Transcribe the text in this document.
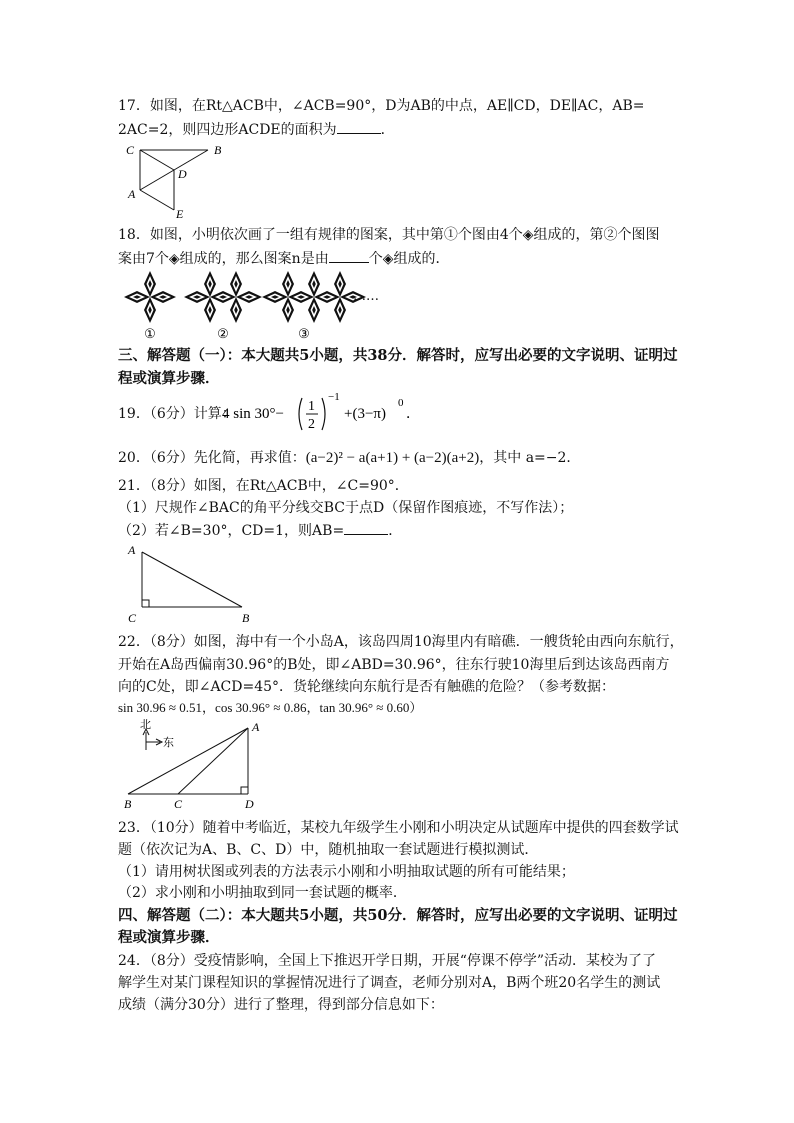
17．如图，在Rt△ACB中，∠ACB=90°，D为AB的中点，AE∥CD，DE∥AC，AB=
2AC=2，则四边形ACDE的面积为	．
C	B
D
A
E
18．如图，小明依次画了一组有规律的图案，其中第①个图由4个◈组成的，第②个图图
案由7个◈组成的，那么图案n是由	个◈组成的．
①	②	③
……
三、解答题（一）：本大题共5小题，共38分．解答时，应写出必要的文字说明、证明过
程或演算步骤．
19．（6分）计算：
4 sin 30°− 1
2
−1
+(3−π)
0
．
20．（6分）先化简，再求值：(a−2)² − a(a+1) + (a−2)(a+2)，其中 a=−2．
21．（8分）如图，在Rt△ACB中，∠C=90°．
（1）尺规作∠BAC的角平分线交BC于点D（保留作图痕迹，不写作法）；
（2）若∠B=30°，CD=1，则AB=	．
A
C	B
22．（8分）如图，海中有一个小岛A，该岛四周10海里内有暗礁．一艘货轮由西向东航行，
开始在A岛西偏南30.96°的B处，即∠ABD=30.96°，往东行驶10海里后到达该岛西南方
向的C处，即∠ACD=45°．货轮继续向东航行是否有触礁的危险？（参考数据：
sin 30.96 ≈ 0.51，cos 30.96° ≈ 0.86，tan 30.96° ≈ 0.60）
北
东
A
B	C	D
23．（10分）随着中考临近，某校九年级学生小刚和小明决定从试题库中提供的四套数学试
题（依次记为A、B、C、D）中，随机抽取一套试题进行模拟测试．
（1）请用树状图或列表的方法表示小刚和小明抽取试题的所有可能结果；
（2）求小刚和小明抽取到同一套试题的概率．
四、解答题（二）：本大题共5小题，共50分．解答时，应写出必要的文字说明、证明过
程或演算步骤．
24．（8分）受疫情影响，全国上下推迟开学日期，开展“停课不停学”活动．某校为了了
解学生对某门课程知识的掌握情况进行了调查，老师分别对A，B两个班20名学生的测试
成绩（满分30分）进行了整理，得到部分信息如下：
